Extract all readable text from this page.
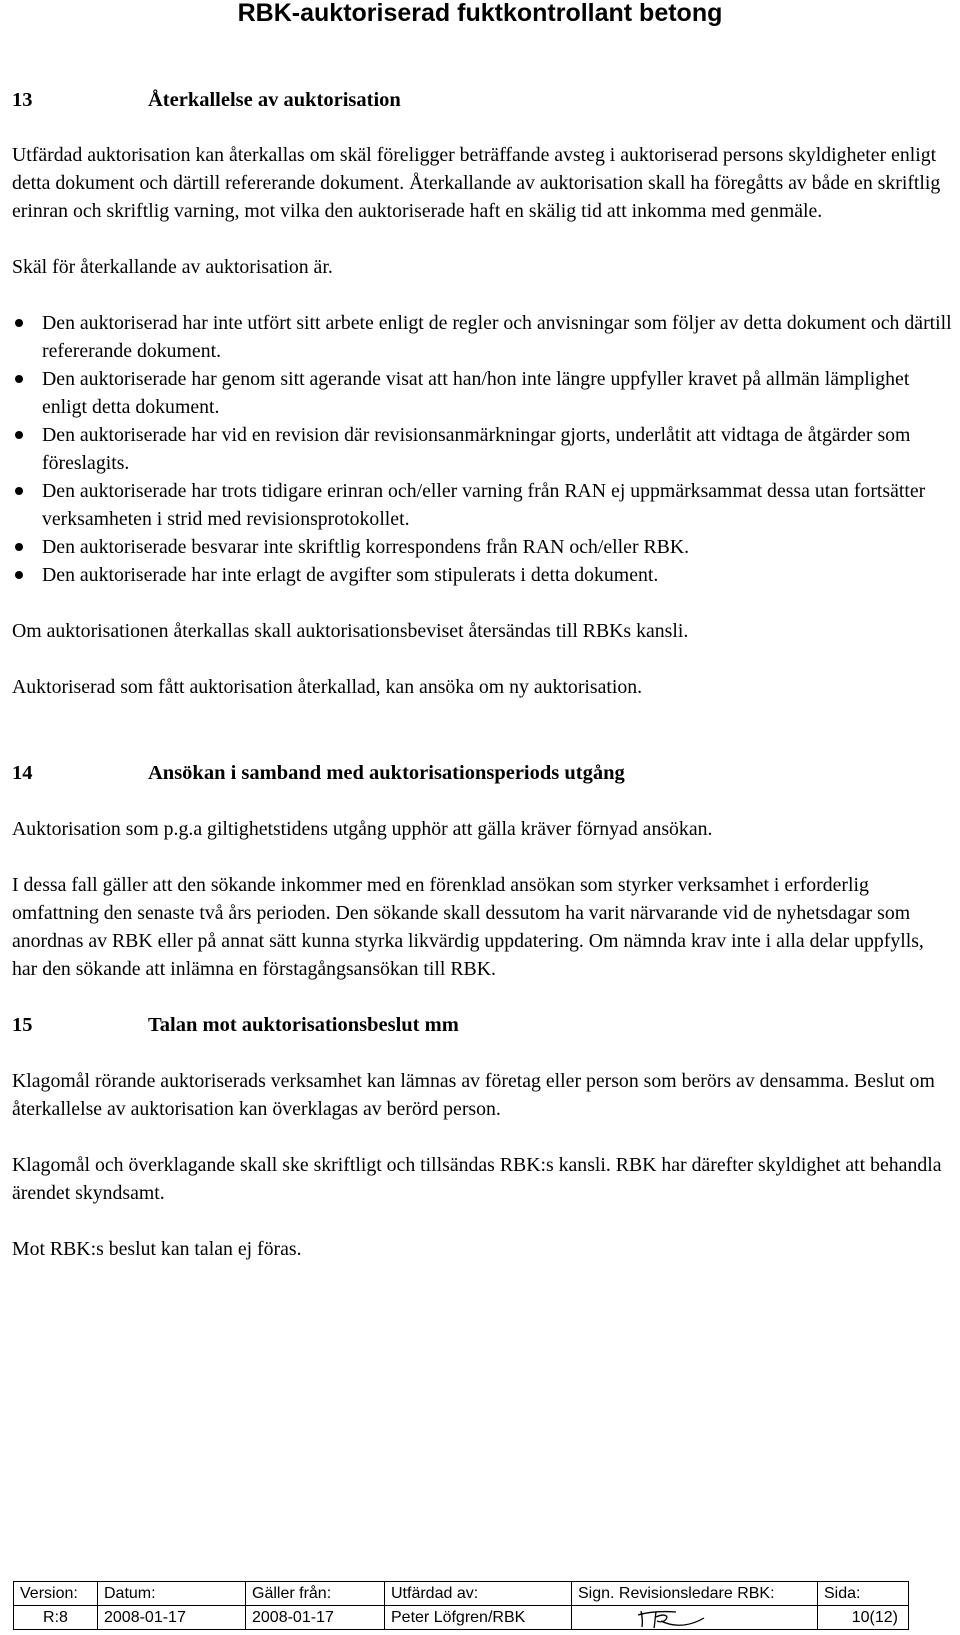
RBK-auktoriserad fuktkontrollant betong
13	Återkallelse av auktorisation

Utfärdad auktorisation kan återkallas om skäl föreligger beträffande avsteg i auktoriserad persons skyldigheter enligt detta dokument och därtill refererande dokument. Återkallande av auktorisation skall ha föregåtts av både en skriftlig erinran och skriftlig varning, mot vilka den auktoriserade haft en skälig tid att inkomma med genmäle.

Skäl för återkallande av auktorisation är.

Den auktoriserad har inte utfört sitt arbete enligt de regler och anvisningar som följer av detta dokument och därtill refererande dokument.
Den auktoriserade har genom sitt agerande visat att han/hon inte längre uppfyller kravet på allmän lämplighet enligt detta dokument.
Den auktoriserade har vid en revision där revisionsanmärkningar gjorts, underlåtit att vidtaga de åtgärder som föreslagits.
Den auktoriserade har trots tidigare erinran och/eller varning från RAN ej uppmärksammat dessa utan fortsätter verksamheten i strid med revisionsprotokollet.
Den auktoriserade besvarar inte skriftlig korrespondens från RAN och/eller RBK.
Den auktoriserade har inte erlagt de avgifter som stipulerats i detta dokument.

Om auktorisationen återkallas skall auktorisationsbeviset återsändas till RBKs kansli.

Auktoriserad som fått auktorisation återkallad, kan ansöka om ny auktorisation.

14	Ansökan i samband med auktorisationsperiods utgång

Auktorisation som p.g.a giltighetstidens utgång upphör att gälla kräver förnyad ansökan.

I dessa fall gäller att den sökande inkommer med en förenklad ansökan som styrker verksamhet i erforderlig omfattning den senaste två års perioden. Den sökande skall dessutom ha varit närvarande vid de nyhetsdagar som anordnas av RBK eller på annat sätt kunna styrka likvärdig uppdatering. Om nämnda krav inte i alla delar uppfylls, har den sökande att inlämna en förstagångsansökan till RBK.

15	Talan mot auktorisationsbeslut mm

Klagomål rörande auktoriserads verksamhet kan lämnas av företag eller person som berörs av densamma. Beslut om återkallelse av auktorisation kan överklagas av berörd person.

Klagomål och överklagande skall ske skriftligt och tillsändas RBK:s kansli. RBK har därefter skyldighet att behandla ärendet skyndsamt.

Mot RBK:s beslut kan talan ej föras.

Version:	Datum:	Gäller från:	Utfärdad av:	Sign. Revisionsledare RBK:	Sida:
R:8	2008-01-17	2008-01-17	Peter Löfgren/RBK		10(12)
